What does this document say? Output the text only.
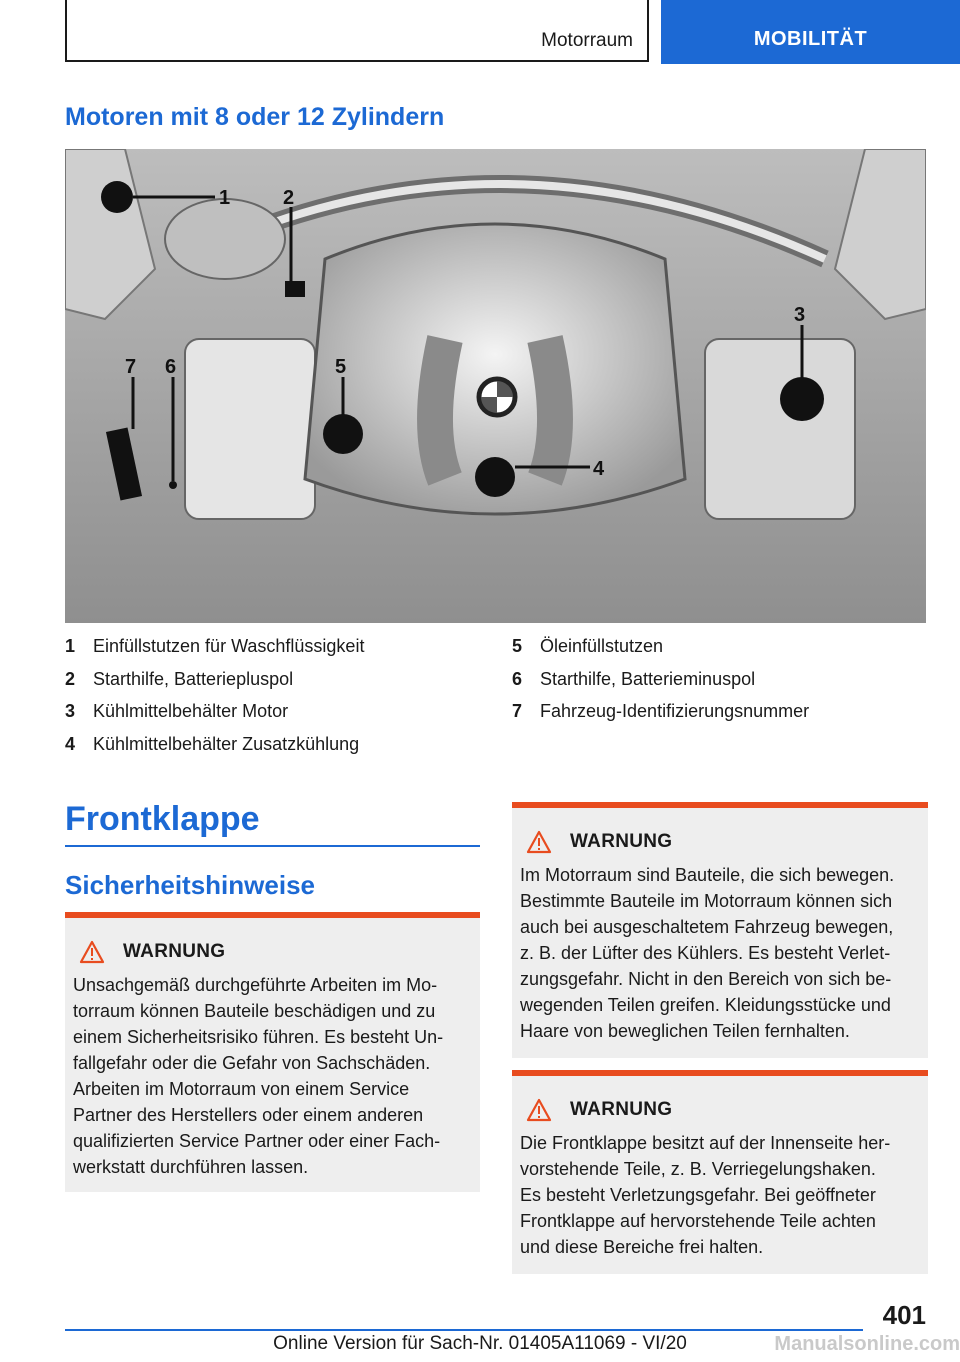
Motorraum	MOBILITÄT
Motoren mit 8 oder 12 Zylindern
1	2
3
4
5
6
7
1 Einfüllstutzen für Waschflüssigkeit
2 Starthilfe, Batteriepluspol
3 Kühlmittelbehälter Motor
4 Kühlmittelbehälter Zusatzkühlung
5 Öleinfüllstutzen
6 Starthilfe, Batterieminuspol
7 Fahrzeug-Identifizierungsnummer
Frontklappe
Sicherheitshinweise
WARNUNG

Unsachgemäß durchgeführte Arbeiten im Mo-
torraum können Bauteile beschädigen und zu
einem Sicherheitsrisiko führen. Es besteht Un-
fallgefahr oder die Gefahr von Sachschäden.
Arbeiten im Motorraum von einem Service
Partner des Herstellers oder einem anderen
qualifizierten Service Partner oder einer Fach-
werkstatt durchführen lassen.

WARNUNG

Im Motorraum sind Bauteile, die sich bewegen.
Bestimmte Bauteile im Motorraum können sich
auch bei ausgeschaltetem Fahrzeug bewegen,
z. B. der Lüfter des Kühlers. Es besteht Verlet-
zungsgefahr. Nicht in den Bereich von sich be-
wegenden Teilen greifen. Kleidungsstücke und
Haare von beweglichen Teilen fernhalten.

WARNUNG

Die Frontklappe besitzt auf der Innenseite her-
vorstehende Teile, z. B. Verriegelungshaken.
Es besteht Verletzungsgefahr. Bei geöffneter
Frontklappe auf hervorstehende Teile achten
und diese Bereiche frei halten.

401
Online Version für Sach-Nr. 01405A11069 - VI/20	Manualsonline.com
